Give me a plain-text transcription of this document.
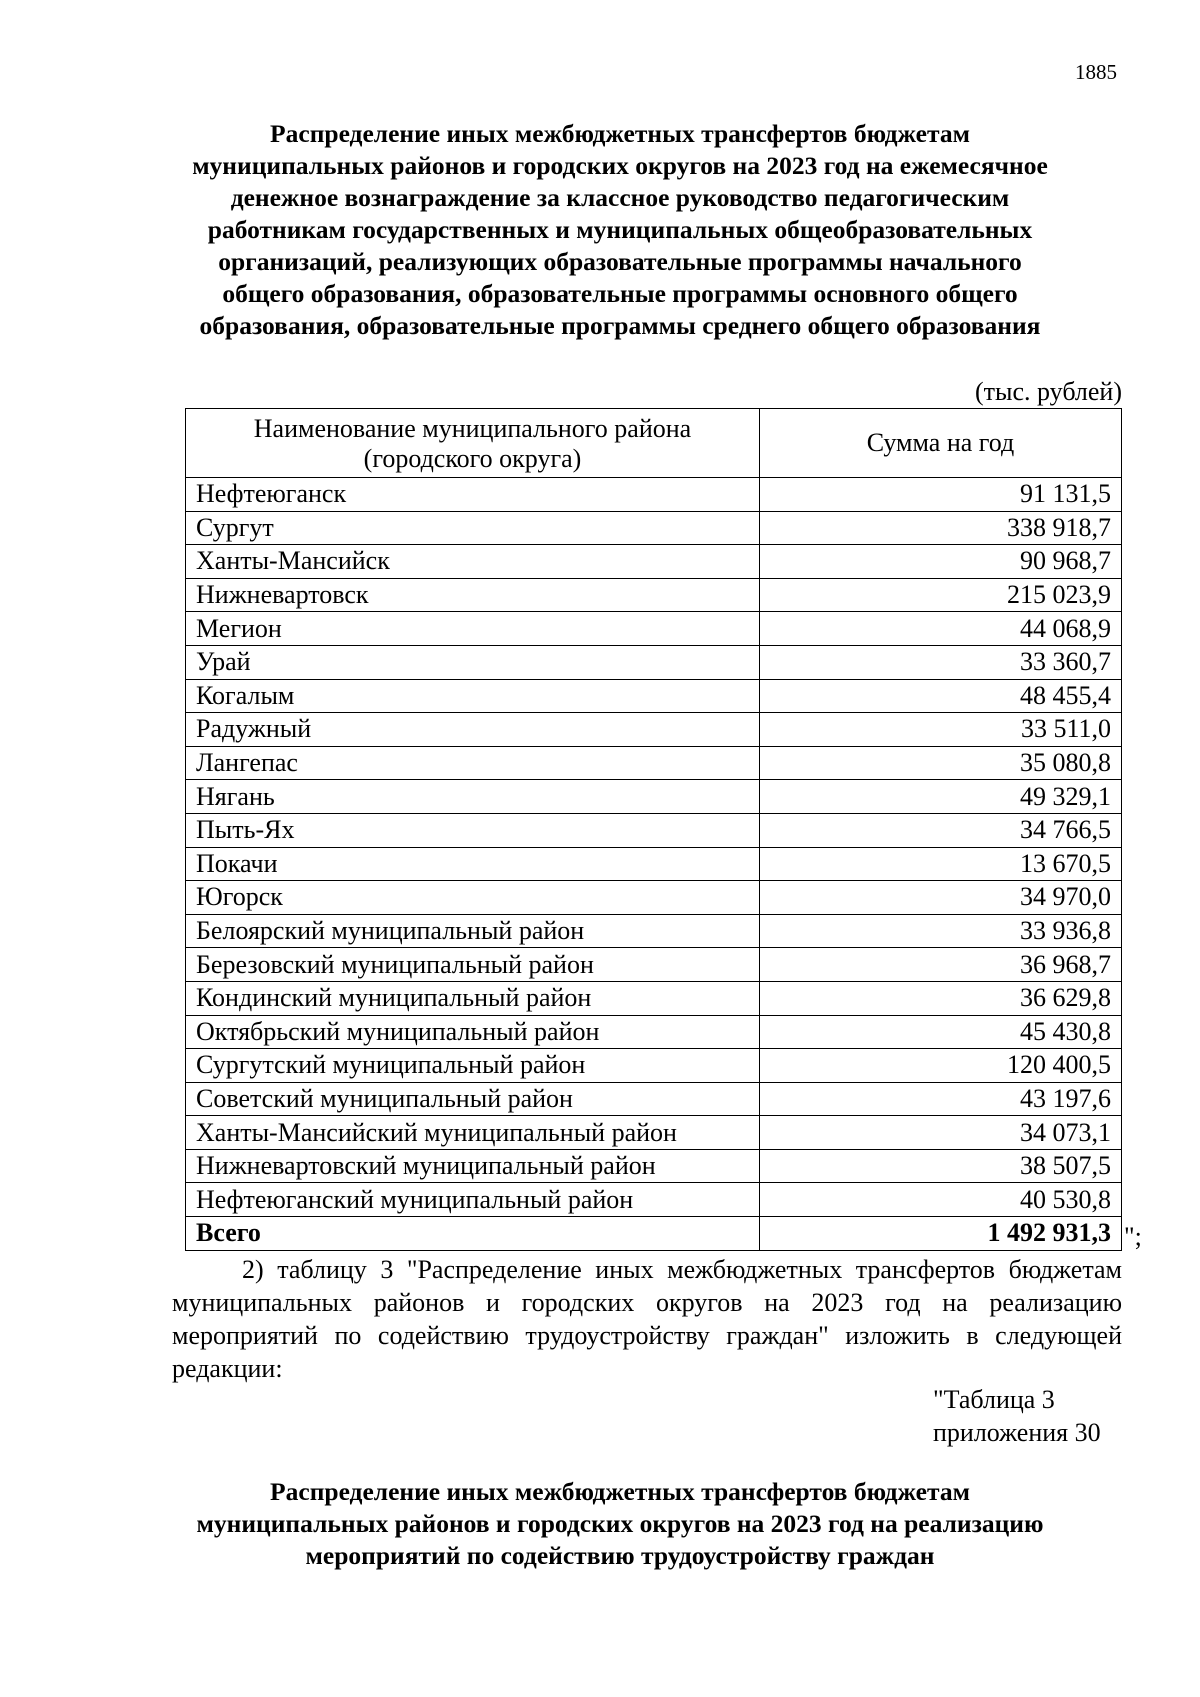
1885
Распределение иных межбюджетных трансфертов бюджетам
муниципальных районов и городских округов на 2023 год на ежемесячное
денежное вознаграждение за классное руководство педагогическим
работникам государственных и муниципальных общеобразовательных
организаций, реализующих образовательные программы начального
общего образования, образовательные программы основного общего
образования, образовательные программы среднего общего образования
(тыс. рублей)
Наименование муниципального района
(городского округа)	Сумма на год
Нефтеюганск	91 131,5
Сургут	338 918,7
Ханты-Мансийск	90 968,7
Нижневартовск	215 023,9
Мегион	44 068,9
Урай	33 360,7
Когалым	48 455,4
Радужный	33 511,0
Лангепас	35 080,8
Нягань	49 329,1
Пыть-Ях	34 766,5
Покачи	13 670,5
Югорск	34 970,0
Белоярский муниципальный район	33 936,8
Березовский муниципальный район	36 968,7
Кондинский муниципальный район	36 629,8
Октябрьский муниципальный район	45 430,8
Сургутский муниципальный район	120 400,5
Советский муниципальный район	43 197,6
Ханты-Мансийский муниципальный район	34 073,1
Нижневартовский муниципальный район	38 507,5
Нефтеюганский муниципальный район	40 530,8
Всего	1 492 931,3 ";
2) таблицу 3 "Распределение иных межбюджетных трансфертов бюджетам
муниципальных районов и городских округов на 2023 год на реализацию
мероприятий по содействию трудоустройству граждан" изложить в следующей
редакции:
"Таблица 3
приложения 30
Распределение иных межбюджетных трансфертов бюджетам
муниципальных районов и городских округов на 2023 год на реализацию
мероприятий по содействию трудоустройству граждан
